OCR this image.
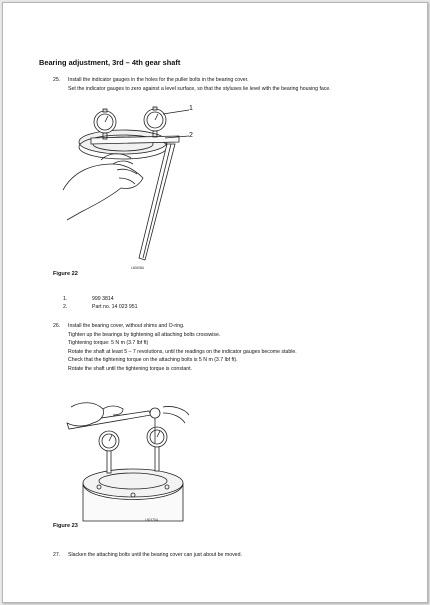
Bearing adjustment, 3rd – 4th gear shaft
25. Install the indicator gauges in the holes for the puller bolts in the bearing cover.
Set the indicator gauges to zero against a level surface, so that the styluses lie level with the bearing housing face.
1
2
L6060BA
Figure 22
1.	999 3814
2.	Part no. 14 023 951
26. Install the bearing cover, without shims and O-ring.
Tighten up the bearings by tightening all attaching bolts crosswise.
Tightening torque: 5 N m (3.7 lbf ft)
Rotate the shaft at least 5 – 7 revolutions, until the readings on the indicator gauges become stable.
Check that the tightening torque on the attaching bolts is 5 N m (3.7 lbf ft).
Rotate the shaft until the tightening torque is constant.
L6037DA
Figure 23
27. Slacken the attaching bolts until the bearing cover can just about be moved.
